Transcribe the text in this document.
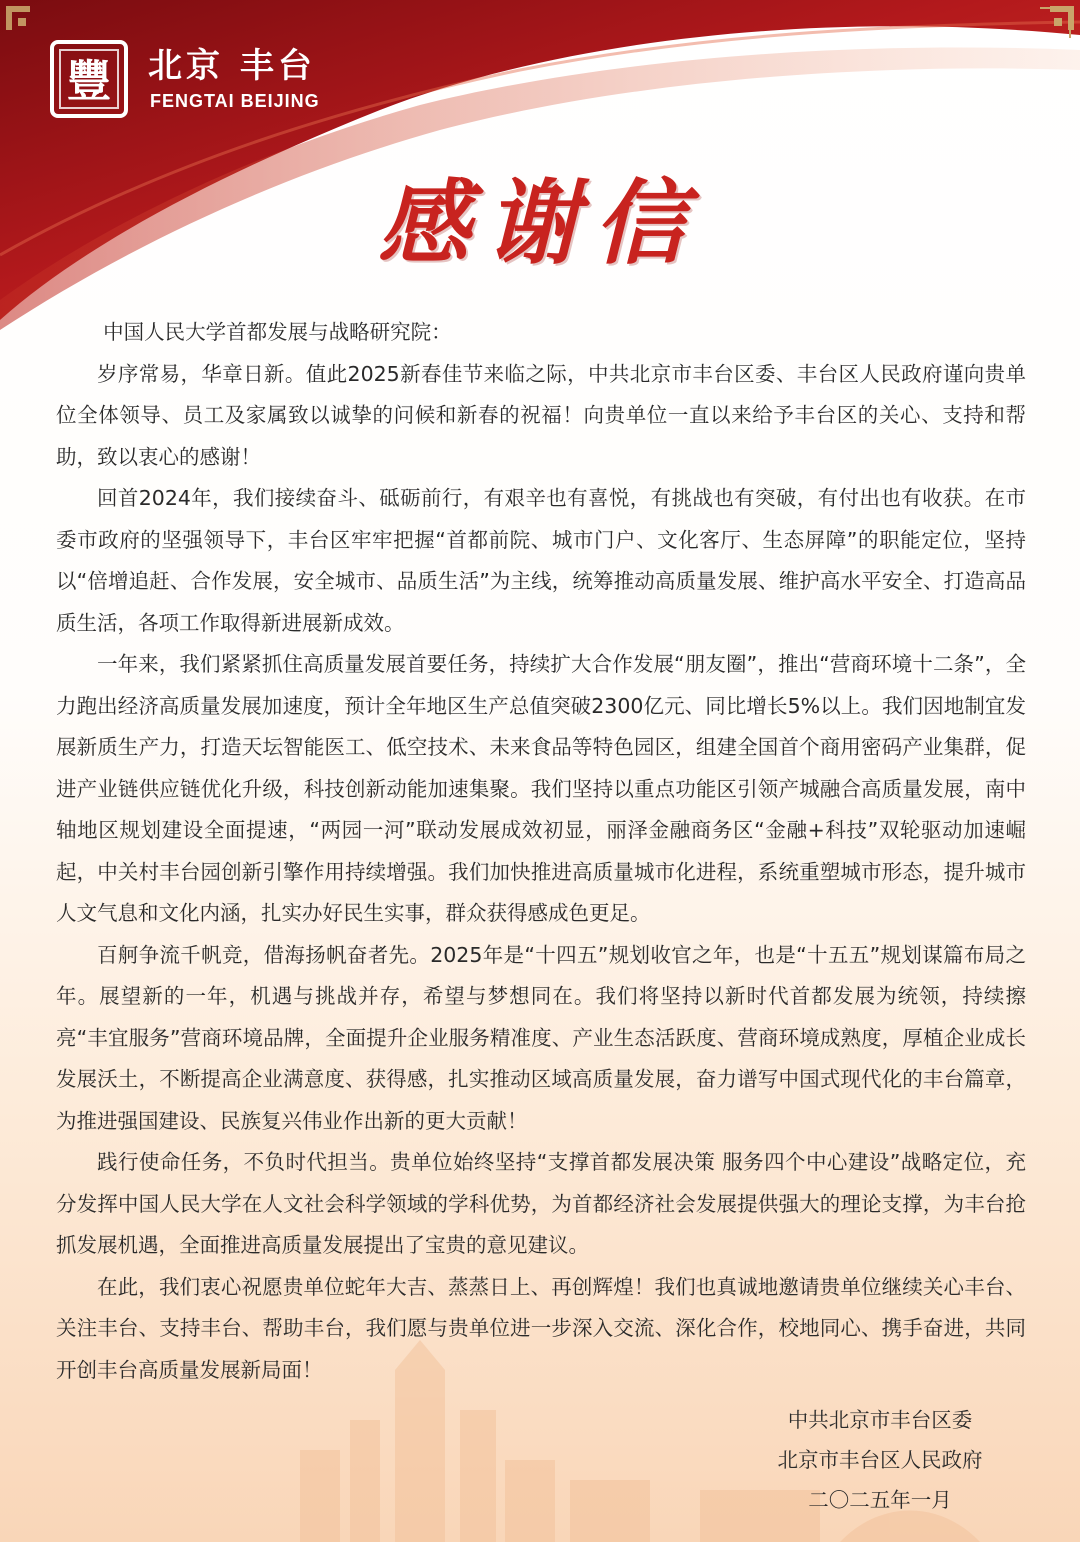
豐 北京 丰台
FENGTAI BEIJING
感谢信

中国人民大学首都发展与战略研究院：

岁序常易，华章日新。值此2025新春佳节来临之际，中共北京市丰台区委、丰台区人民政府谨向贵单位全体领导、员工及家属致以诚挚的问候和新春的祝福！向贵单位一直以来给予丰台区的关心、支持和帮助，致以衷心的感谢！

回首2024年，我们接续奋斗、砥砺前行，有艰辛也有喜悦，有挑战也有突破，有付出也有收获。在市委市政府的坚强领导下，丰台区牢牢把握“首都前院、城市门户、文化客厅、生态屏障”的职能定位，坚持以“倍增追赶、合作发展，安全城市、品质生活”为主线，统筹推动高质量发展、维护高水平安全、打造高品质生活，各项工作取得新进展新成效。

一年来，我们紧紧抓住高质量发展首要任务，持续扩大合作发展“朋友圈”，推出“营商环境十二条”，全力跑出经济高质量发展加速度，预计全年地区生产总值突破2300亿元、同比增长5%以上。我们因地制宜发展新质生产力，打造天坛智能医工、低空技术、未来食品等特色园区，组建全国首个商用密码产业集群，促进产业链供应链优化升级，科技创新动能加速集聚。我们坚持以重点功能区引领产城融合高质量发展，南中轴地区规划建设全面提速，“两园一河”联动发展成效初显，丽泽金融商务区“金融+科技”双轮驱动加速崛起，中关村丰台园创新引擎作用持续增强。我们加快推进高质量城市化进程，系统重塑城市形态，提升城市人文气息和文化内涵，扎实办好民生实事，群众获得感成色更足。

百舸争流千帆竞，借海扬帆奋者先。2025年是“十四五”规划收官之年，也是“十五五”规划谋篇布局之年。展望新的一年，机遇与挑战并存，希望与梦想同在。我们将坚持以新时代首都发展为统领，持续擦亮“丰宜服务”营商环境品牌，全面提升企业服务精准度、产业生态活跃度、营商环境成熟度，厚植企业成长发展沃土，不断提高企业满意度、获得感，扎实推动区域高质量发展，奋力谱写中国式现代化的丰台篇章，为推进强国建设、民族复兴伟业作出新的更大贡献！

践行使命任务，不负时代担当。贵单位始终坚持“支撑首都发展决策 服务四个中心建设”战略定位，充分发挥中国人民大学在人文社会科学领域的学科优势，为首都经济社会发展提供强大的理论支撑，为丰台抢抓发展机遇，全面推进高质量发展提出了宝贵的意见建议。

在此，我们衷心祝愿贵单位蛇年大吉、蒸蒸日上、再创辉煌！我们也真诚地邀请贵单位继续关心丰台、关注丰台、支持丰台、帮助丰台，我们愿与贵单位进一步深入交流、深化合作，校地同心、携手奋进，共同开创丰台高质量发展新局面！

中共北京市丰台区委
北京市丰台区人民政府
二〇二五年一月
